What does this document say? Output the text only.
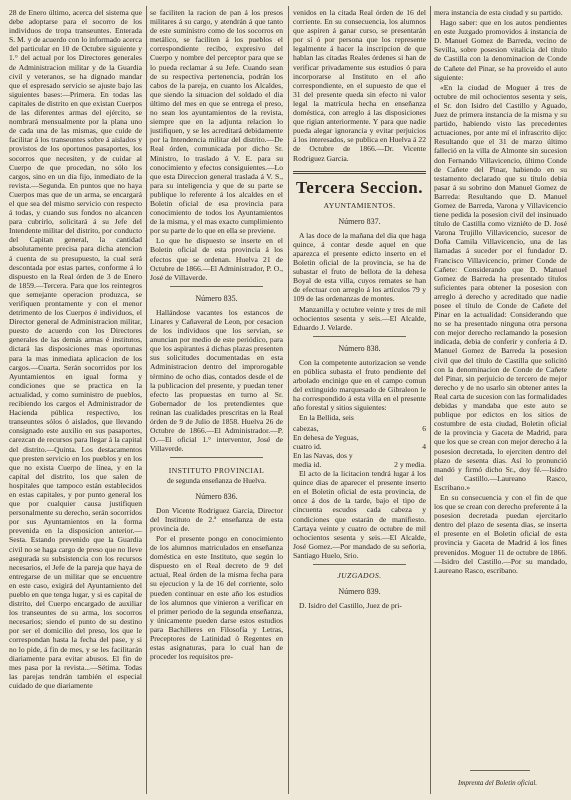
28 de Enero último, acerca del sistema que debe adoptarse para el socorro de los individuos de tropa transeuntes. Enterada S. M. y de acuerdo con lo informado acerca del particular en 10 de Octubre siguiente y 1.° del actual por los Directores generales de Administracion militar y de la Guardia civil y veteranos, se ha dignado mandar que el espresado servicio se ajuste bajo las siguientes bases:—Primera. En todas las capitales de distrito en que existan Cuerpos de las diferentes armas del ejército, se nombrará mensualmente por la plana uno de cada una de las mismas, que cuide de facilitar á los transeuntes sobre á aislados y provistos de los oportunos pasaportes, los socorros que necesiten, y de cuidar al Cuerpo de que procedan, no sólo los cargos, sino en un dia fijo, inmediato de la revista.—Segunda. En puntos que no haya Cuerpos mas que de un arma, se encargará el que sea del mismo servicio con respecto á todas, y cuando sus fondos no alcancen para cubrirlo, solicitará á su Jefe del Intendente militar del distrito, por conducto del Capitan general, la cantidad absolutamente precisa para dicha atencion á cuenta de su presupuesto, la cual será descontada por estas partes, conforme á lo dispuesto en la Real órden de 3 de Enero de 1859.—Tercera. Para que los reintegros que semejante operacion produzca, se verifiquen prontamente y con el menor detrimento de los Cuerpos é individuos, el Director general de Administracion militar, puesto de acuerdo con los Directores generales de las demás armas é institutos, dictará las disposiciones mas oportunas para la mas inmediata aplicacion de los cargos.—Cuarta. Serán socorridos por los Ayuntamientos en igual forma y condiciones que se practica en la actualidad, y como suministro de pueblos, recibiendo los cargos el Administrador de Hacienda pública respectivo, los transeuntes sólos ó aislados, que llevando consignado este auxilio en sus pasaportes, carezcan de recursos para llegar á la capital del distrito.—Quinta. Los destacamentos que presten servicio en los pueblos y en los que no exista Cuerpo de línea, y en la capital del distrito, los que salen de hospitales que tampoco están establecidos en estas capitales, y por punto general los que por cualquier causa justifiquen personalmente su derecho, serán socorridos por sus Ayuntamientos en la forma prevenida en la disposicion anterior.—Sesta. Estando prevenido que la Guardia civil no se haga cargo de preso que no lleve asegurada su subsistencia con los recursos necesarios, el Jefe de la pareja que haya de entregarse de un militar que se encuentre en este caso, exigirá del Ayuntamiento del pueblo en que tenga lugar, y si es capital de distrito, del Cuerpo encargado de auxiliar los transeuntes de su arma, los socorros necesarios; siendo el punto de su destino por ser el domicilio del preso, los que le correspondan hasta la fecha del pase, y si no lo pide, á fin de mes, y se les facilitarán diariamente para evitar abusos. El fin de mes pasa por la revista...—Sétima. Todas las parejas tendrán también el especial cuidado de que diariamente

se faciliten la racion de pan á los presos militares á su cargo, y atendrán á que tanto de este suministro como de los socorros en metálico, se faciliten á los pueblos el correspondiente recibo, expresivo del Cuerpo y nombre del perceptor para que se lo pueda reclamar á su Jefe. Cuando sean de su respectiva pertenencia, podrán los cabos de la pareja, en cuanto los Alcaldes, que siendo la situacion del soldado el dia último del mes en que se entrega el preso, no sean los ayuntamientos de la revista, siempre que en la adjunta relacion lo justifiquen, y se les acreditará debidamente por la Intendencia militar del distrito.—De Real órden, comunicada por dicho Sr. Ministro, lo traslado á V. E. para su conocimiento y efectos consiguientes.—Lo que esta Direccion general traslada á V. S., para su inteligencia y que de su parte se publique lo referente á los alcaldes en el Boletin oficial de esa provincia para conocimiento de todos los Ayuntamientos de la misma, y el mas exacto cumplimiento por su parte de lo que en ella se previene.

Lo que he dispuesto se inserte en el Boletin oficial de esta provincia á los efectos que se ordenan. Huelva 21 de Octubre de 1866.—El Administrador, P. O., José de Villaverde.

Número 835.

Hallándose vacantes los estancos de Linares y Cañaveral de Leon, por cesacion de los individuos que los servian, se anuncian por medio de este periódico, para que los aspirantes á dichas plazas presenten sus solicitudes documentadas en esta Administracion dentro del improrogable término de ocho dias, contados desde el de la publicacion del presente, y puedan tener efecto las propuestas en turno al Sr. Gobernador de los pretendientes que reúnan las cualidades prescritas en la Real órden de 9 de Julio de 1858. Huelva 26 de Octubre de 1866.—El Administrador.—P. O.—El oficial 1.° interventor, José de Villaverde.

INSTITUTO PROVINCIAL
de segunda enseñanza de Huelva.
Número 836.

Don Vicente Rodriguez Garcia, Director del Instituto de 2.ª enseñanza de esta provincia de.

Por el presente pongo en conocimiento de los alumnos matriculados en enseñanza doméstica en este Instituto, que según lo dispuesto en el Real decreto de 9 del actual, Real órden de la misma fecha para su ejecucion y la de 16 del corriente, solo pueden continuar en este año los estudios de los alumnos que vinieron a verificar en el primer periodo de la segunda enseñanza, y únicamente pueden darse estos estudios para Bachilleres en Filosofía y Letras, Preceptores de Latinidad ó Regentes en estas asignaturas, para lo cual han de proceder los requisitos pre-

venidos en la citada Real órden de 16 del corriente. En su consecuencia, los alumnos que aspiren á ganar curso, se presentarán por sí ó por persona que los represente legalmente á hacer la inscripcion de que hablan las citadas Reales órdenes si han de verificar privadamente sus estudios ó para incorporarse al Instituto en el año correspondiente, en el supuesto de que el 31 del presente queda sin efecto ni valor legal la matrícula hecha en enseñanza doméstica, con arreglo á las disposiciones que rigian anteriormente. Y para que nadie pueda alegar ignorancia y evitar perjuicios á los interesados, se publica en Huelva á 22 de Octubre de 1866.—Dr. Vicente Rodriguez Garcia.

Tercera Seccion.
AYUNTAMIENTOS.
Número 837.

A las doce de la mañana del dia que haga quince, á contar desde aquel en que aparezca el presente edicto inserto en el Boletin oficial de la provincia, se ha de subastar el fruto de bellota de la dehesa Boyal de esta villa, cuyos remates se han de efectuar con arreglo á los artículos 79 y 109 de las ordenanzas de montes.

Manzanilla y octubre veinte y tres de mil ochocientos sesenta y seis.—El Alcalde, Eduardo J. Velarde.

Número 838.

Con la competente autorizacion se vende en pública subasta el fruto pendiente del arbolado encinigo que en el campo comun del extinguido marquesado de Gibraleon le ha correspondido á esta villa en el presente año forestal y sitios siguientes:

En la Bellida, seis

cabezas,	6
En dehesa de Yeguas,
cuatro id.	4
En las Navas, dos y
media id.	2 y media.

El acto de la licitacion tendrá lugar á los quince dias de aparecer el presente inserto en el Boletin oficial de esta provincia, de once á dos de la tarde, bajo el tipo de cincuenta escudos cada cabeza y condiciones que estarán de manifiesto. Cartaya veinte y cuatro de octubre de mil ochocientos sesenta y seis.—El Alcalde, José Gomez.—Por mandado de su señoria, Santiago Huelo, Srio.

JUZGADOS.
Número 839.

D. Isidro del Castillo, Juez de pri-

mera instancia de esta ciudad y su partido.

Hago saber: que en los autos pendientes en este Juzgado promovidos á instancia de D. Manuel Gomez de Barreda, vecino de Sevilla, sobre posesion vitalicia del título de Castilla con la denominacion de Conde de Cañete del Pinar, se ha proveido el auto siguiente:

«En la ciudad de Moguer á tres de octubre de mil ochocientos sesenta y seis, el Sr. don Isidro del Castillo y Aguado, Juez de primera instancia de la misma y su partido, habiendo visto las precedentes actuaciones, por ante mí el infrascrito dijo: Resultando que el 31 de marzo último falleció en la villa de Almonte sin sucesion don Fernando Villavicencio, último Conde de Cañete del Pinar, habiendo en su testamento declarado que su título debia pasar á su sobrino don Manuel Gomez de Barreda: Resultando que D. Manuel Gomez de Barreda, Varona y Villavicencio tiene pedida la posesion civil del insinuado título de Castilla como vizniéto de D. José Varona Trujillo Villavicencio, sucesor de Doña Camila Villavicencio, una de las llamadas á suceder por el fundador D. Francisco Villavicencio, primer Conde de Cañete: Considerando que D. Manuel Gomez de Barreda ha presentado títulos suficientes para obtener la posesion con arreglo á derecho y acreditado que nadie posee el título de Conde de Cañete del Pinar en la actualidad: Considerando que no se ha presentado ninguna otra persona con mejor derecho reclamando la posesion indicada, debia de conferir y conferia á D. Manuel Gomez de Barreda la posesion civil que del título de Castilla que solicitó con la denominacion de Conde de Cañete del Pinar, sin perjuicio de tercero de mejor derecho y de no usarlo sin obtener antes la Real carta de sucesion con las formalidades debidas y mandaba que este auto se publique por edictos en los sitios de costumbre de esta ciudad, Boletin oficial de la provincia y Gaceta de Madrid, para que los que se crean con mejor derecho á la posesion decretada, lo ejerciten dentro del plazo de sesenta dias. Así lo pronunció mandó y firmó dicho Sr., doy fé.—Isidro del Castillo.—Laureano Rasco, Escribano.»

En su consecuencia y con el fin de que los que se crean con derecho preferente á la posesion decretada puedan ejercitarlo dentro del plazo de sesenta dias, se inserta el presente en el Boletin oficial de esta provincia y Gaceta de Madrid á los fines prevenidos. Moguer 11 de octubre de 1866.—Isidro del Castillo.—Por su mandado, Laureano Rasco, escribano.

Imprenta del Boletin oficial.
